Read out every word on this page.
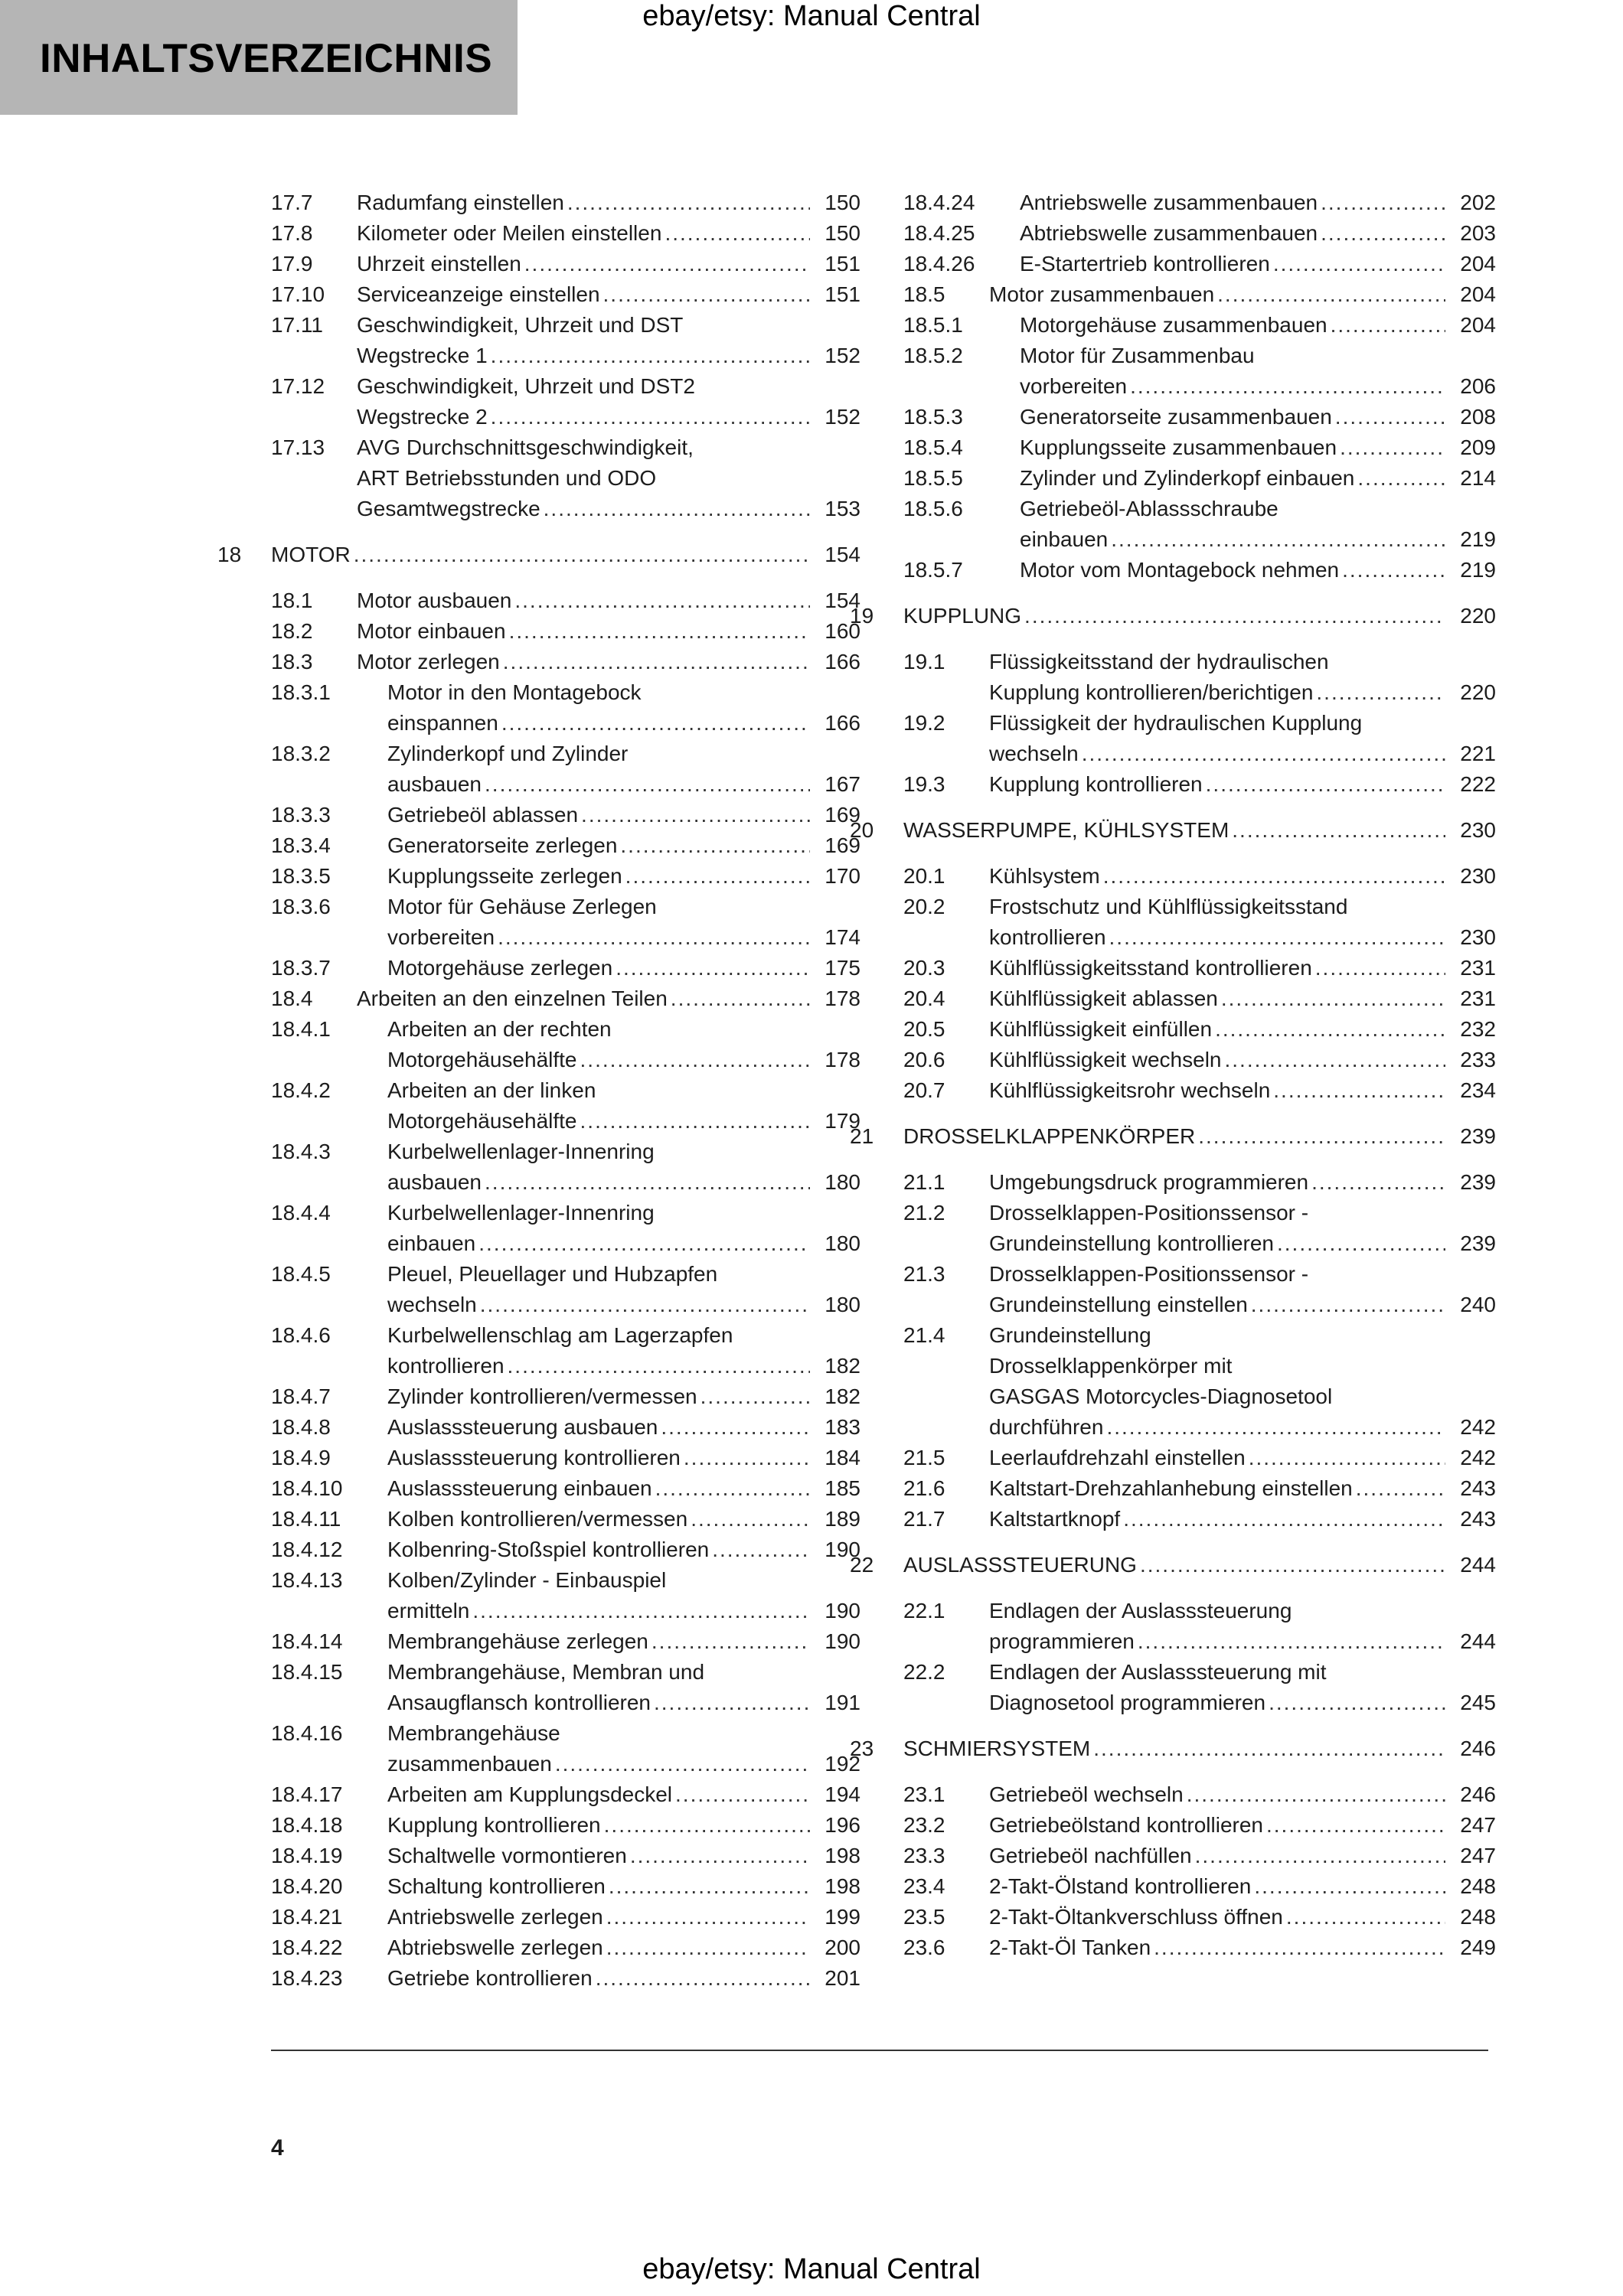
INHALTSVERZEICHNIS
ebay/etsy: Manual Central
17.7 Radumfang einstellen .....	150
17.8 Kilometer oder Meilen einstellen .....	150
17.9 Uhrzeit einstellen .....	151
17.10 Serviceanzeige einstellen .....	151
17.11 Geschwindigkeit, Uhrzeit und DST
Wegstrecke 1 .....	152
17.12 Geschwindigkeit, Uhrzeit und DST2
Wegstrecke 2 .....	152
17.13 AVG Durchschnittsgeschwindigkeit,
ART Betriebsstunden und ODO
Gesamtwegstrecke .....	153
18 MOTOR .....	154
18.1 Motor ausbauen .....	154
18.2 Motor einbauen .....	160
18.3 Motor zerlegen .....	166
18.3.1	Motor in den Montagebock
einspannen .....	166
18.3.2	Zylinderkopf und Zylinder
ausbauen .....	167
18.3.3	Getriebeöl ablassen .....	169
18.3.4	Generatorseite zerlegen .....	169
18.3.5	Kupplungsseite zerlegen .....	170
18.3.6	Motor für Gehäuse Zerlegen
vorbereiten .....	174
18.3.7	Motorgehäuse zerlegen .....	175
18.4 Arbeiten an den einzelnen Teilen .....	178
18.4.1	Arbeiten an der rechten
Motorgehäusehälfte .....	178
18.4.2	Arbeiten an der linken
Motorgehäusehälfte .....	179
18.4.3	Kurbelwellenlager-Innenring
ausbauen .....	180
18.4.4	Kurbelwellenlager-Innenring
einbauen .....	180
18.4.5	Pleuel, Pleuellager und Hubzapfen
wechseln .....	180
18.4.6	Kurbelwellenschlag am Lagerzapfen
kontrollieren .....	182
18.4.7	Zylinder kontrollieren/vermessen .....	182
18.4.8	Auslasssteuerung ausbauen .....	183
18.4.9	Auslasssteuerung kontrollieren .....	184
18.4.10 Auslasssteuerung einbauen .....	185
18.4.11 Kolben kontrollieren/vermessen .....	189
18.4.12 Kolbenring-Stoßspiel kontrollieren .....	190
18.4.13 Kolben/Zylinder - Einbauspiel
ermitteln .....	190
18.4.14 Membrangehäuse zerlegen .....	190
18.4.15 Membrangehäuse, Membran und
Ansaugflansch kontrollieren .....	191
18.4.16 Membrangehäuse
zusammenbauen .....	192
18.4.17 Arbeiten am Kupplungsdeckel .....	194
18.4.18 Kupplung kontrollieren .....	196
18.4.19 Schaltwelle vormontieren .....	198
18.4.20 Schaltung kontrollieren .....	198
18.4.21 Antriebswelle zerlegen .....	199
18.4.22 Abtriebswelle zerlegen .....	200
18.4.23 Getriebe kontrollieren .....	201
18.4.24 Antriebswelle zusammenbauen .....	202
18.4.25 Abtriebswelle zusammenbauen .....	203
18.4.26 E-Startertrieb kontrollieren .....	204
18.5 Motor zusammenbauen .....	204
18.5.1	Motorgehäuse zusammenbauen .....	204
18.5.2	Motor für Zusammenbau
vorbereiten .....	206
18.5.3	Generatorseite zusammenbauen .....	208
18.5.4	Kupplungsseite zusammenbauen .....	209
18.5.5	Zylinder und Zylinderkopf einbauen .....	214
18.5.6	Getriebeöl-Ablassschraube
einbauen .....	219
18.5.7	Motor vom Montagebock nehmen .....	219
19 KUPPLUNG .....	220
19.1 Flüssigkeitsstand der hydraulischen
Kupplung kontrollieren/berichtigen .....	220
19.2 Flüssigkeit der hydraulischen Kupplung
wechseln .....	221
19.3 Kupplung kontrollieren .....	222
20 WASSERPUMPE, KÜHLSYSTEM .....	230
20.1 Kühlsystem .....	230
20.2 Frostschutz und Kühlflüssigkeitsstand
kontrollieren .....	230
20.3 Kühlflüssigkeitsstand kontrollieren .....	231
20.4 Kühlflüssigkeit ablassen .....	231
20.5 Kühlflüssigkeit einfüllen .....	232
20.6 Kühlflüssigkeit wechseln .....	233
20.7 Kühlflüssigkeitsrohr wechseln .....	234
21 DROSSELKLAPPENKÖRPER .....	239
21.1 Umgebungsdruck programmieren .....	239
21.2 Drosselklappen-Positionssensor -
Grundeinstellung kontrollieren .....	239
21.3 Drosselklappen-Positionssensor -
Grundeinstellung einstellen .....	240
21.4 Grundeinstellung
Drosselklappenkörper mit
GASGAS Motorcycles-Diagnosetool
durchführen .....	242
21.5 Leerlaufdrehzahl einstellen .....	242
21.6 Kaltstart-Drehzahlanhebung einstellen .....	243
21.7 Kaltstartknopf .....	243
22 AUSLASSSTEUERUNG .....	244
22.1 Endlagen der Auslasssteuerung
programmieren .....	244
22.2 Endlagen der Auslasssteuerung mit
Diagnosetool programmieren .....	245
23 SCHMIERSYSTEM .....	246
23.1 Getriebeöl wechseln .....	246
23.2 Getriebeölstand kontrollieren .....	247
23.3 Getriebeöl nachfüllen .....	247
23.4 2-Takt-Ölstand kontrollieren .....	248
23.5 2-Takt-Öltankverschluss öffnen .....	248
23.6 2-Takt-Öl Tanken .....	249
4
ebay/etsy: Manual Central
